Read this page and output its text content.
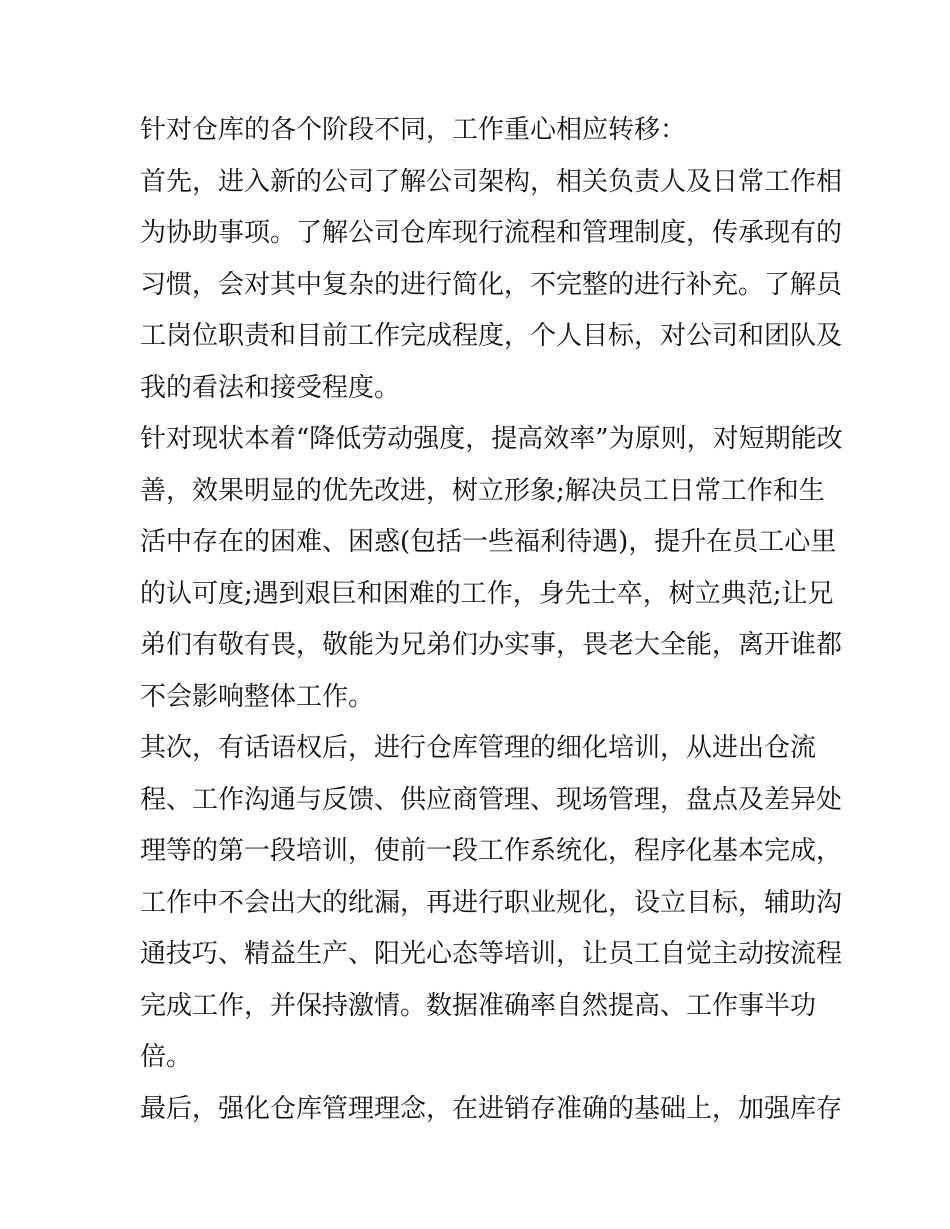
针对仓库的各个阶段不同，工作重心相应转移：

首先，进入新的公司了解公司架构，相关负责人及日常工作相
为协助事项。了解公司仓库现行流程和管理制度，传承现有的
习惯，会对其中复杂的进行简化，不完整的进行补充。了解员
工岗位职责和目前工作完成程度，个人目标，对公司和团队及
我的看法和接受程度。

针对现状本着“降低劳动强度，提高效率”为原则，对短期能改
善，效果明显的优先改进，树立形象;解决员工日常工作和生
活中存在的困难、困惑(包括一些福利待遇)，提升在员工心里
的认可度;遇到艰巨和困难的工作，身先士卒，树立典范;让兄
弟们有敬有畏，敬能为兄弟们办实事，畏老大全能，离开谁都
不会影响整体工作。

其次，有话语权后，进行仓库管理的细化培训，从进出仓流
程、工作沟通与反馈、供应商管理、现场管理，盘点及差异处
理等的第一段培训，使前一段工作系统化，程序化基本完成，
工作中不会出大的纰漏，再进行职业规化，设立目标，辅助沟
通技巧、精益生产、阳光心态等培训，让员工自觉主动按流程
完成工作，并保持激情。数据准确率自然提高、工作事半功
倍。

最后，强化仓库管理理念，在进销存准确的基础上，加强库存
